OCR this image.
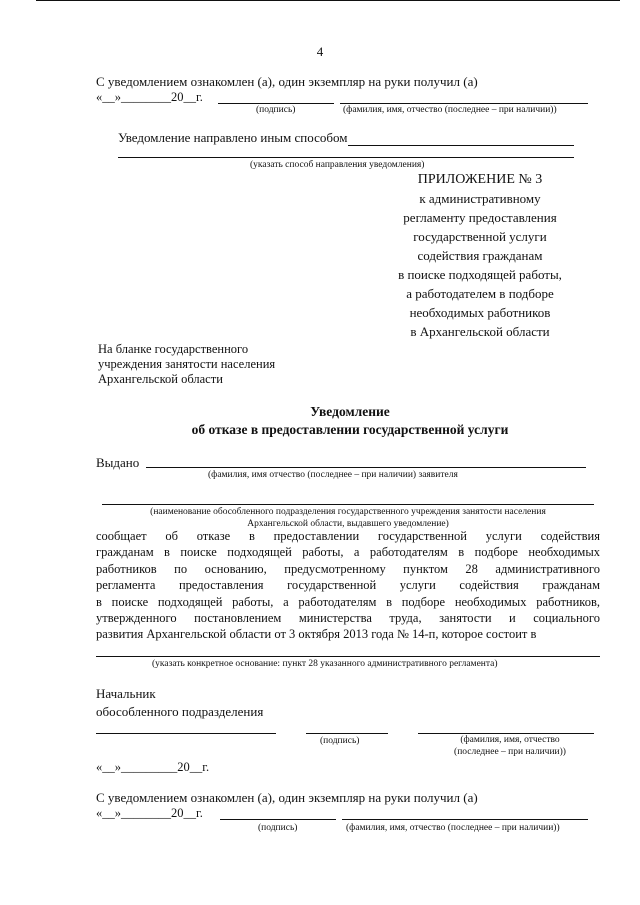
4
С уведомлением ознакомлен (а), один экземпляр на руки получил (а)
«__»________20__г.
(подпись)	(фамилия, имя, отчество (последнее – при наличии))
Уведомление направлено иным способом
(указать способ направления уведомления)
ПРИЛОЖЕНИЕ № 3
к административному
регламенту предоставления
государственной услуги
содействия гражданам
в поиске подходящей работы,
а работодателем в подборе
необходимых работников
в Архангельской области
На бланке государственного
учреждения занятости населения
Архангельской области
Уведомление
об отказе в предоставлении государственной услуги
Выдано
(фамилия, имя отчество (последнее – при наличии) заявителя
(наименование обособленного подразделения государственного учреждения занятости населения
Архангельской области, выдавшего уведомление)
сообщает об отказе в предоставлении государственной услуги содействия
гражданам в поиске подходящей работы, а работодателям в подборе необходимых
работников по основанию, предусмотренному пунктом 28 административного
регламента предоставления государственной услуги содействия гражданам
в поиске подходящей работы, а работодателям в подборе необходимых работников,
утвержденного постановлением министерства труда, занятости и социального
развития Архангельской области от 3 октября 2013 года № 14-п, которое состоит в
(указать конкретное основание: пункт 28 указанного административного регламента)
Начальник
обособленного подразделения
(подпись)	(фамилия, имя, отчество
(последнее – при наличии))
«__»_________20__г.
С уведомлением ознакомлен (а), один экземпляр на руки получил (а)
«__»________20__г.
(подпись)	(фамилия, имя, отчество (последнее – при наличии))
